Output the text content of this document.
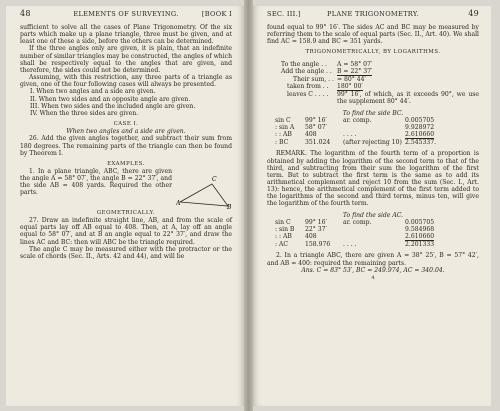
48	ELEMENTS OF SURVEYING.	[BOOK I

sufficient to solve all the cases of Plane Trigonometry. Of the six parts which make up a plane triangle, three must be given, and at least one of these a side, before the others can be determined.

If the three angles only are given, it is plain, that an indefinite number of similar triangles may be constructed, the angles of which shall be respectively equal to the angles that are given, and therefore, the sides could not be determined.

Assuming, with this restriction, any three parts of a triangle as given, one of the four following cases will always be presented.

I. When two angles and a side are given.

II. When two sides and an opposite angle are given.

III. When two sides and the included angle are given.

IV. When the three sides are given.

CASE I.

When two angles and a side are given.

26. Add the given angles together, and subtract their sum from 180 degrees. The remaining parts of the triangle can then be found by Theorem I.

EXAMPLES.

A
B
C

1. In a plane triangle, ABC, there are given the angle A = 58° 07′, the angle B = 22° 37′, and the side AB = 408 yards. Required the other parts.

GEOMETRICALLY.

27. Draw an indefinite straight line, AB, and from the scale of equal parts lay off AB equal to 408. Then, at A, lay off an angle equal to 58° 07′, and at B an angle equal to 22° 37′, and draw the lines AC and BC: then will ABC be the triangle required.

The angle C may be measured either with the protractor or the scale of chords (Sec. II., Arts. 42 and 44), and will be

SEC. III.]	PLANE TRIGONOMETRY.	49

found equal to 99° 16′. The sides AC and BC may be measured by referring them to the scale of equal parts (Sec. II., Art. 40). We shall find AC = 158.9 and BC = 351 yards.

TRIGONOMETRICALLY, BY LOGARITHMS.

To the angle . .	A = 58° 07′
Add the angle . . B = 22° 37′
Their sum, . . = 80° 44′
taken from . .	180° 00′
leaves C . . . .	99° 16′, of which, as it exceeds 90°, we use the supplement 80° 44′.

To find the side BC.

sin C	99° 16′	ar. comp.	0.005705
: sin A	58° 07′	9.928972
: : AB	408	. . . .	2.610660
: BC	351.024	(after rejecting 10) 2.545337.

REMARK. The logarithm of the fourth term of a proportion is obtained by adding the logarithm of the second term to that of the third, and subtracting from their sum the logarithm of the first term. But to subtract the first term is the same as to add its arithmetical complement and reject 10 from the sum (Sec. I., Art. 13): hence, the arithmetical complement of the first term added to the logarithms of the second and third terms, minus ten, will give the logarithm of the fourth term.

To find the side AC.

sin C	99° 16′	ar. comp.	0.005705
: sin B	22° 37′	9.584968
: : AB	408	2.610660
: AC	158.976	. . . .	2.201333

2. In a triangle ABC, there are given A = 38° 25′, B = 57° 42′, and AB = 400: required the remaining parts.

Ans. C = 83° 53′, BC = 249.974, AC = 340.04.

4
